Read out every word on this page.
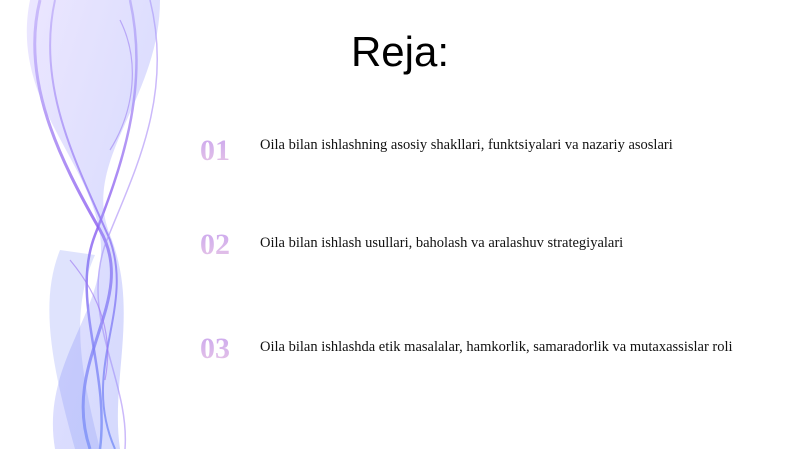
Reja:
01	Oila bilan ishlashning asosiy shakllari, funktsiyalari va nazariy asoslari
02	Oila bilan ishlash usullari, baholash va aralashuv strategiyalari
03	Oila bilan ishlashda etik masalalar, hamkorlik, samaradorlik va mutaxassislar roli
